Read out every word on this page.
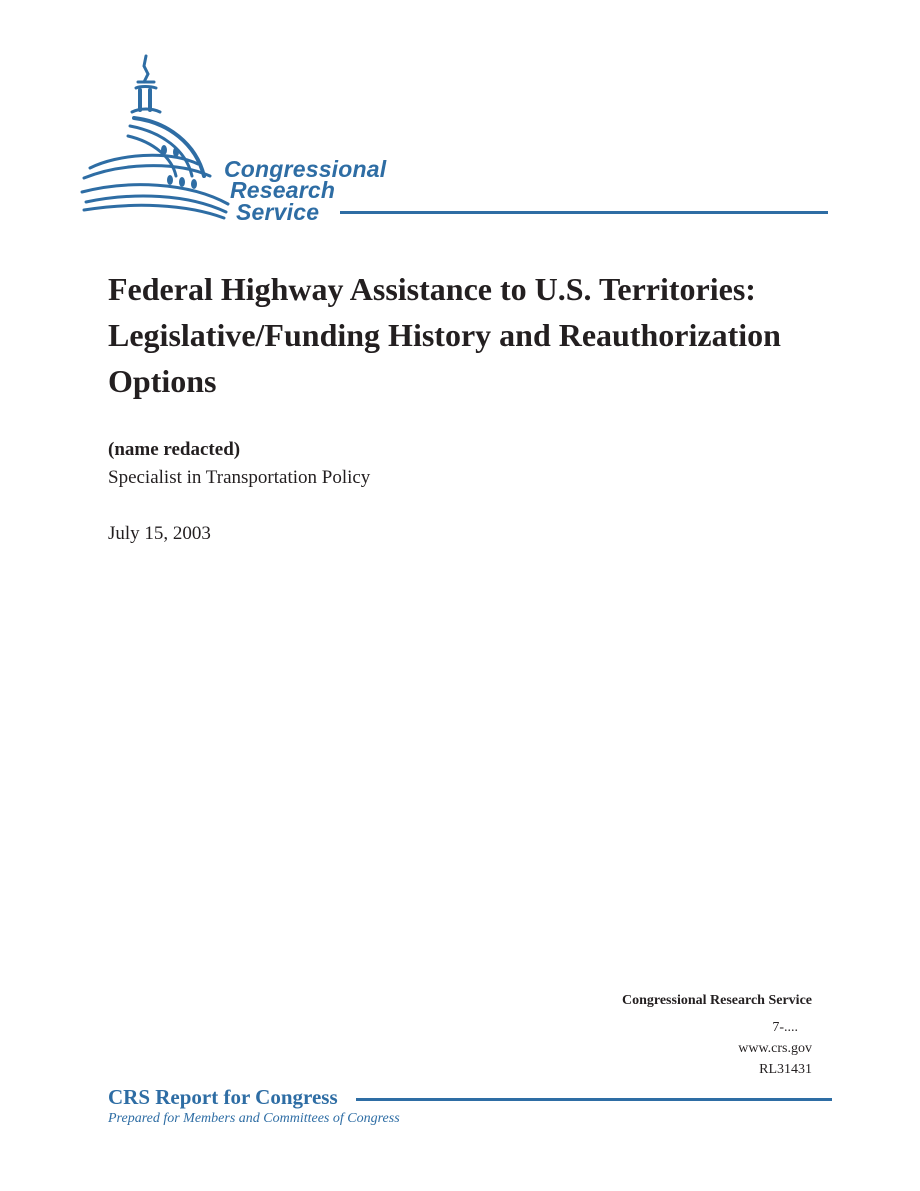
Congressional
Research
Service
Federal Highway Assistance to U.S. Territories: Legislative/Funding History and Reauthorization Options
(name redacted)
Specialist in Transportation Policy
July 15, 2003
Congressional Research Service
7-....
www.crs.gov
RL31431
CRS Report for Congress
Prepared for Members and Committees of Congress
